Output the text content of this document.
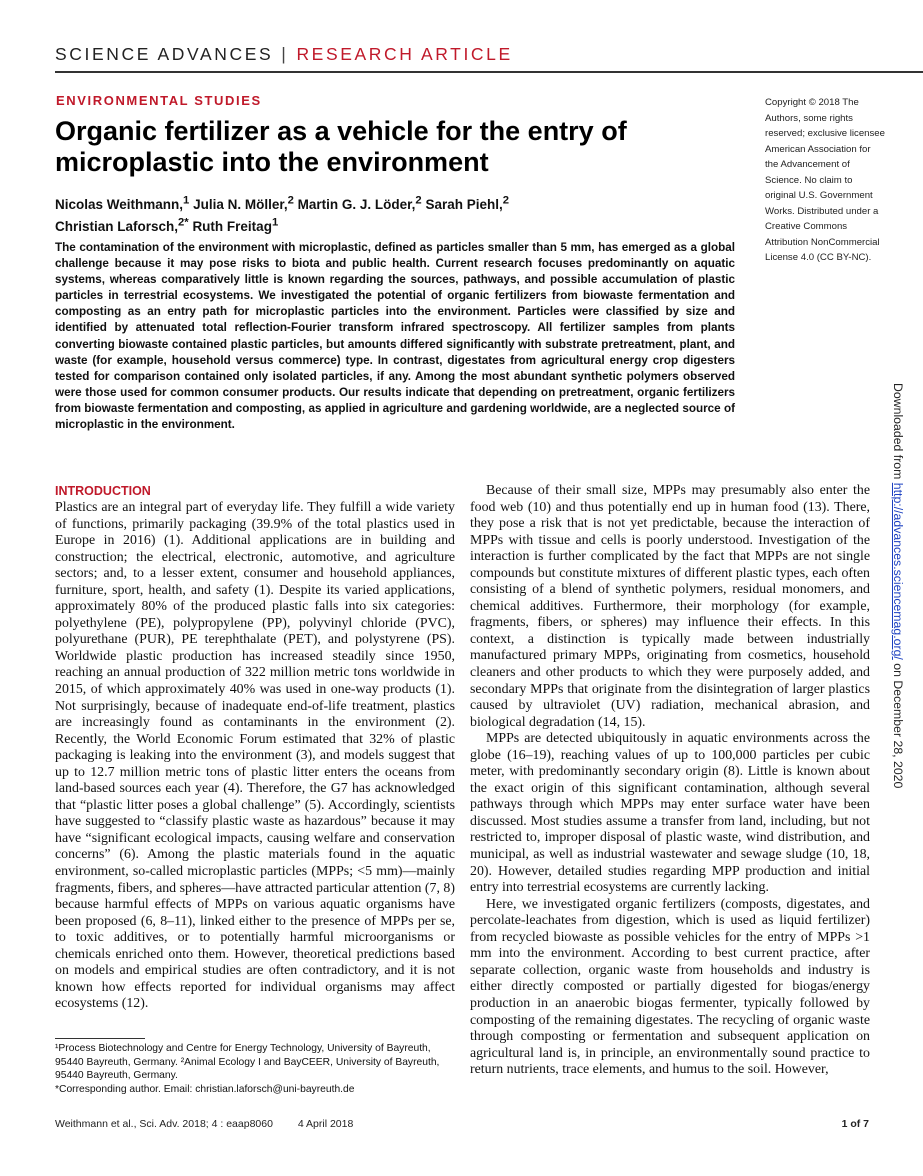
SCIENCE ADVANCES | RESEARCH ARTICLE
ENVIRONMENTAL STUDIES
Organic fertilizer as a vehicle for the entry of microplastic into the environment
Nicolas Weithmann,$^1$ Julia N. Möller,$^2$ Martin G. J. Löder,$^2$ Sarah Piehl,$^2$
Christian Laforsch,$^{2*}$ Ruth Freitag$^1$
Copyright © 2018 The Authors, some rights reserved; exclusive licensee American Association for the Advancement of Science. No claim to original U.S. Government Works. Distributed under a Creative Commons Attribution NonCommercial License 4.0 (CC BY-NC).
The contamination of the environment with microplastic, defined as particles smaller than 5 mm, has emerged as a global challenge because it may pose risks to biota and public health. Current research focuses predominantly on aquatic systems, whereas comparatively little is known regarding the sources, pathways, and possible accumulation of plastic particles in terrestrial ecosystems. We investigated the potential of organic fertilizers from biowaste fermentation and composting as an entry path for microplastic particles into the environment. Particles were classified by size and identified by attenuated total reflection-Fourier transform infrared spectroscopy. All fertilizer samples from plants converting biowaste contained plastic particles, but amounts differed significantly with substrate pretreatment, plant, and waste (for example, household versus commerce) type. In contrast, digestates from agricultural energy crop digesters tested for comparison contained only isolated particles, if any. Among the most abundant synthetic polymers observed were those used for common consumer products. Our results indicate that depending on pretreatment, organic fertilizers from biowaste fermentation and composting, as applied in agriculture and gardening worldwide, are a neglected source of microplastic in the environment.
INTRODUCTION

Plastics are an integral part of everyday life. They fulfill a wide variety of functions, primarily packaging (39.9% of the total plastics used in Europe in 2016) (1). Additional applications are in building and construction; the electrical, electronic, automotive, and agriculture sectors; and, to a lesser extent, consumer and household appliances, furniture, sport, health, and safety (1). Despite its varied applications, approximately 80% of the produced plastic falls into six categories: polyethylene (PE), polypropylene (PP), polyvinyl chloride (PVC), polyurethane (PUR), PE terephthalate (PET), and polystyrene (PS). Worldwide plastic production has increased steadily since 1950, reaching an annual production of 322 million metric tons worldwide in 2015, of which approximately 40% was used in one-way products (1). Not surprisingly, because of inadequate end-of-life treatment, plastics are increasingly found as contaminants in the environment (2). Recently, the World Economic Forum estimated that 32% of plastic packaging is leaking into the environment (3), and models suggest that up to 12.7 million metric tons of plastic litter enters the oceans from land-based sources each year (4). Therefore, the G7 has acknowledged that “plastic litter poses a global challenge” (5). Accordingly, scientists have suggested to “classify plastic waste as hazardous” because it may have “significant ecological impacts, causing welfare and conservation concerns” (6). Among the plastic materials found in the aquatic environment, so-called microplastic particles (MPPs; <5 mm)—mainly fragments, fibers, and spheres—have attracted particular attention (7, 8) because harmful effects of MPPs on various aquatic organisms have been proposed (6, 8–11), linked either to the presence of MPPs per se, to toxic additives, or to potentially harmful microorganisms or chemicals enriched onto them. However, theoretical predictions based on models and empirical studies are often contradictory, and it is not known how effects reported for individual organisms may affect ecosystems (12).

Because of their small size, MPPs may presumably also enter the food web (10) and thus potentially end up in human food (13). There, they pose a risk that is not yet predictable, because the interaction of MPPs with tissue and cells is poorly understood. Investigation of the interaction is further complicated by the fact that MPPs are not single compounds but constitute mixtures of different plastic types, each often consisting of a blend of synthetic polymers, residual monomers, and chemical additives. Furthermore, their morphology (for example, fragments, fibers, or spheres) may influence their effects. In this context, a distinction is typically made between industrially manufactured primary MPPs, originating from cosmetics, household cleaners and other products to which they were purposely added, and secondary MPPs that originate from the disintegration of larger plastics caused by ultraviolet (UV) radiation, mechanical abrasion, and biological degradation (14, 15).

MPPs are detected ubiquitously in aquatic environments across the globe (16–19), reaching values of up to 100,000 particles per cubic meter, with predominantly secondary origin (8). Little is known about the exact origin of this significant contamination, although several pathways through which MPPs may enter surface water have been discussed. Most studies assume a transfer from land, including, but not restricted to, improper disposal of plastic waste, wind distribution, and municipal, as well as industrial wastewater and sewage sludge (10, 18, 20). However, detailed studies regarding MPP production and initial entry into terrestrial ecosystems are currently lacking.

Here, we investigated organic fertilizers (composts, digestates, and percolate-leachates from digestion, which is used as liquid fertilizer) from recycled biowaste as possible vehicles for the entry of MPPs >1 mm into the environment. According to best current practice, after separate collection, organic waste from households and industry is either directly composted or partially digested for biogas/energy production in an anaerobic biogas fermenter, typically followed by composting of the remaining digestates. The recycling of organic waste through composting or fermentation and subsequent application on agricultural land is, in principle, an environmentally sound practice to return nutrients, trace elements, and humus to the soil. However,

¹Process Biotechnology and Centre for Energy Technology, University of Bayreuth, 95440 Bayreuth, Germany. ²Animal Ecology I and BayCEER, University of Bayreuth, 95440 Bayreuth, Germany.
*Corresponding author. Email: christian.laforsch@uni-bayreuth.de
Weithmann et al., Sci. Adv. 2018; 4 : eaap8060 4 April 2018	1 of 7
Downloaded from http://advances.sciencemag.org/ on December 28, 2020
